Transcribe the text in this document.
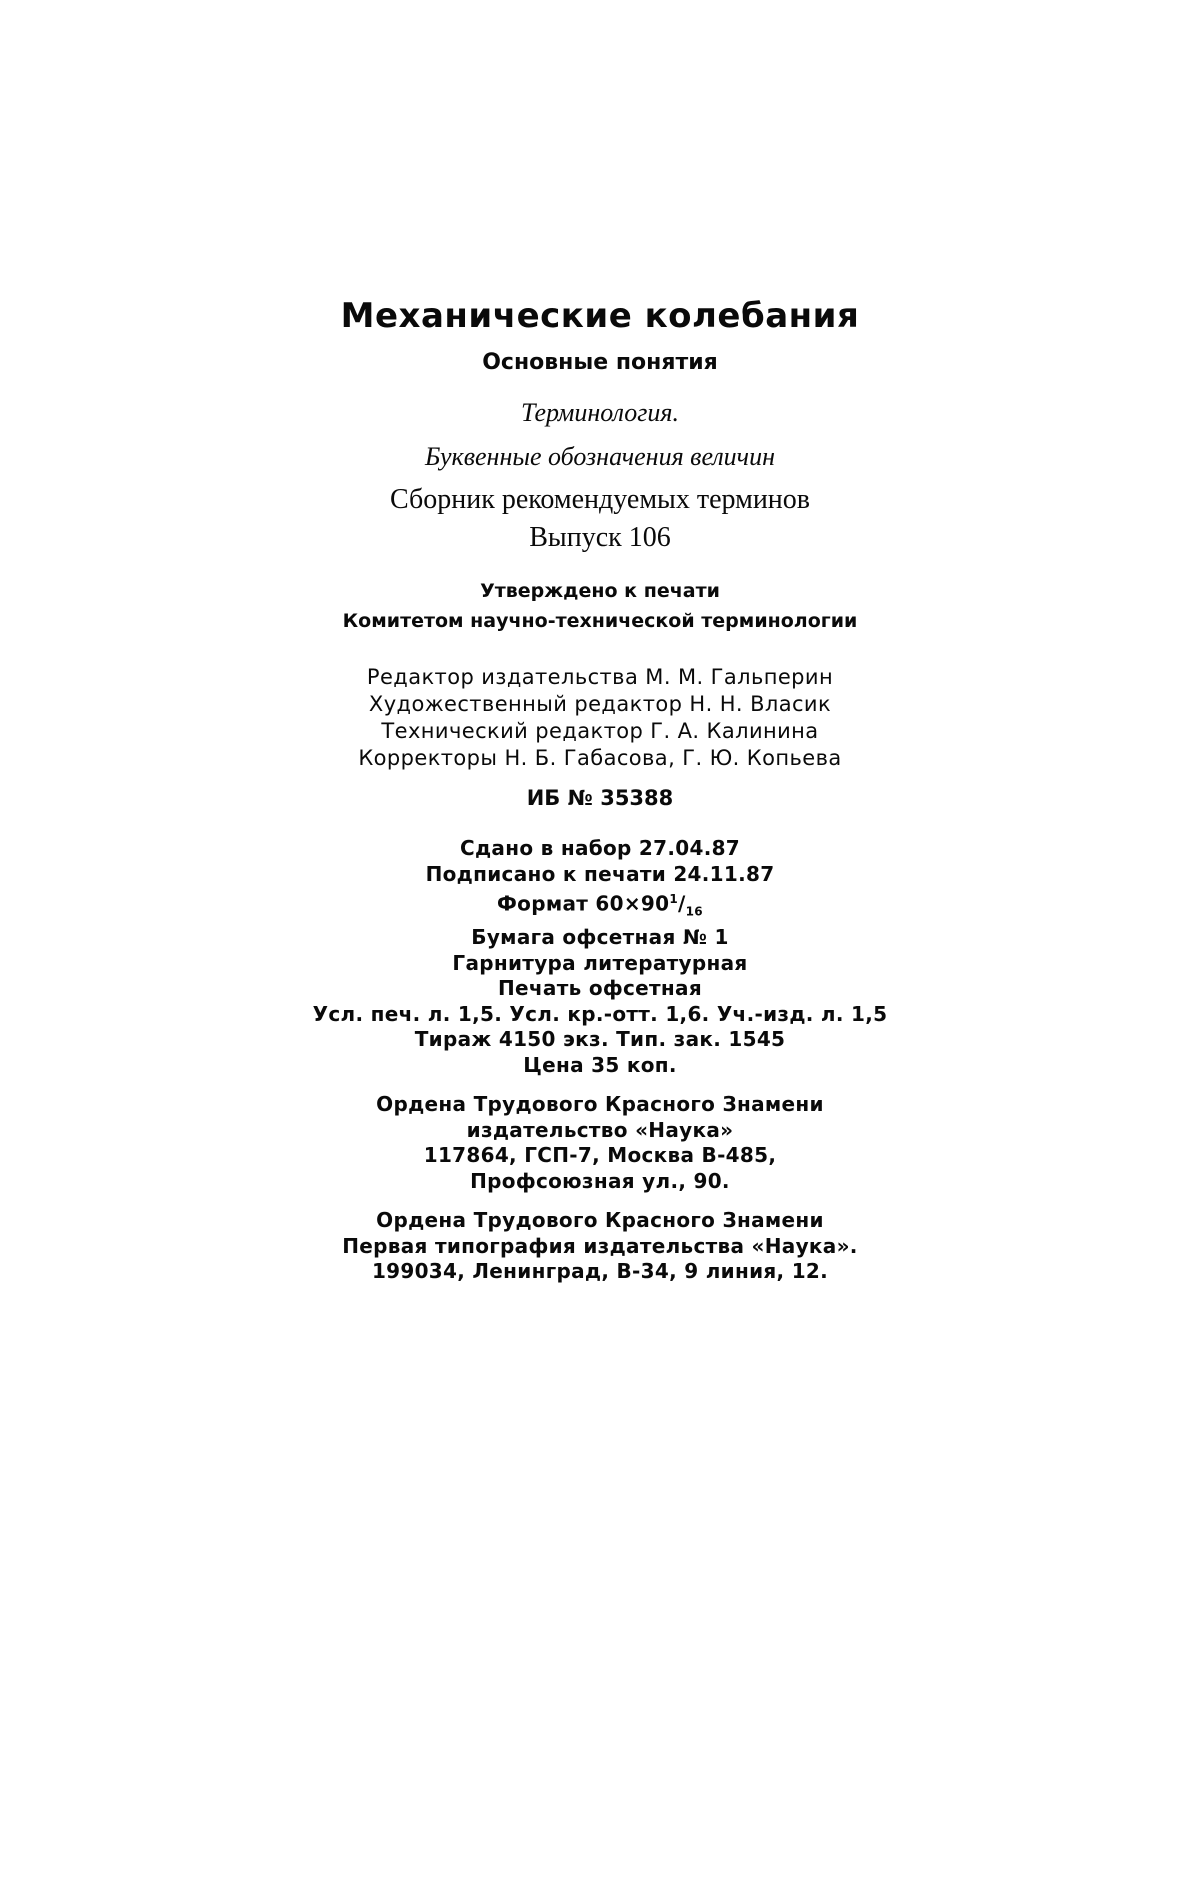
Механические колебания
Основные понятия
Терминология.
Буквенные обозначения величин
Сборник рекомендуемых терминов
Выпуск 106
Утверждено к печати
Комитетом научно-технической терминологии
Редактор издательства М. М. Гальперин
Художественный редактор Н. Н. Власик
Технический редактор Г. А. Калинина
Корректоры Н. Б. Габасова, Г. Ю. Копьева
ИБ № 35388
Сдано в набор 27.04.87
Подписано к печати 24.11.87
Формат $60\times 90^1/_{16}$
Бумага офсетная № 1
Гарнитура литературная
Печать офсетная
Усл. печ. л. 1,5. Усл. кр.-отт. 1,6. Уч.-изд. л. 1,5
Тираж 4150 экз. Тип. зак. 1545
Цена 35 коп.
Ордена Трудового Красного Знамени
издательство «Наука»
117864, ГСП-7, Москва В-485,
Профсоюзная ул., 90.
Ордена Трудового Красного Знамени
Первая типография издательства «Наука».
199034, Ленинград, В-34, 9 линия, 12.
